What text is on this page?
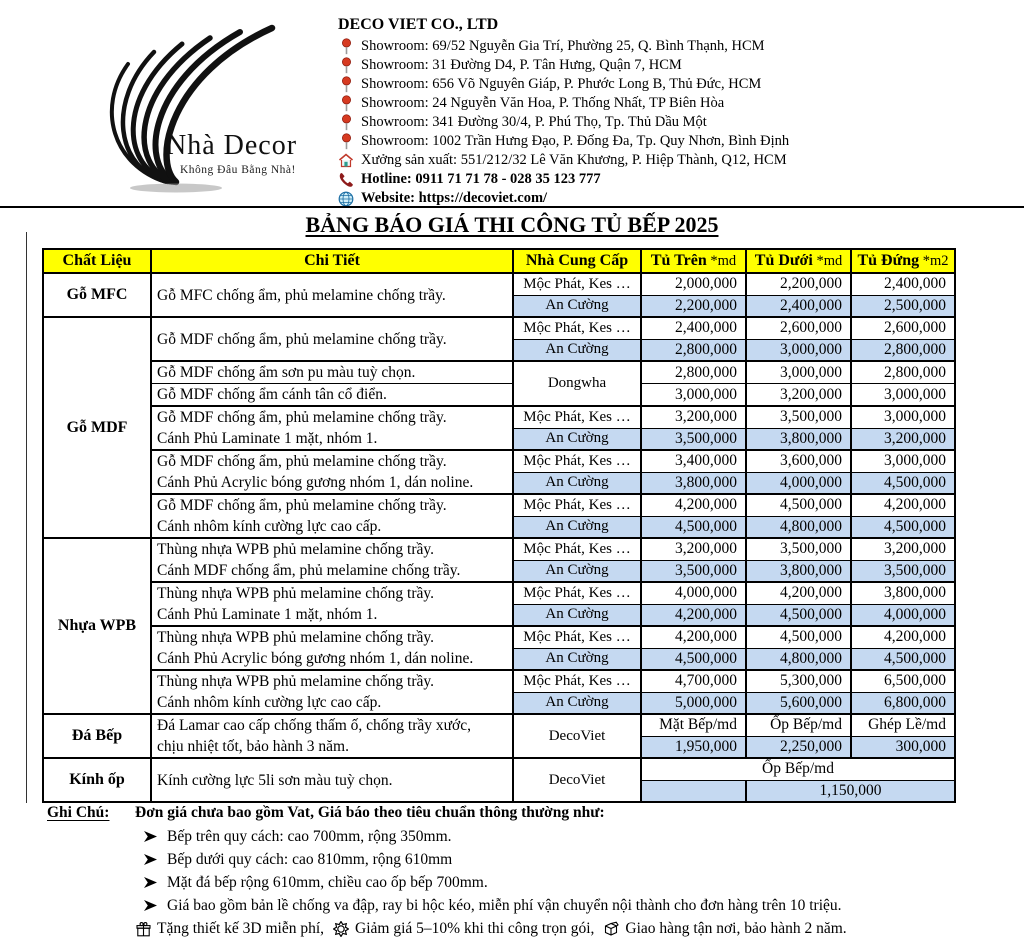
Nhà Decor
Không Đâu Bằng Nhà!
DECO VIET CO., LTD
Showroom: 69/52 Nguyễn Gia Trí, Phường 25, Q. Bình Thạnh, HCM
Showroom: 31 Đường D4, P. Tân Hưng, Quận 7, HCM
Showroom: 656 Võ Nguyên Giáp, P. Phước Long B, Thủ Đức, HCM
Showroom: 24 Nguyễn Văn Hoa, P. Thống Nhất, TP Biên Hòa
Showroom: 341 Đường 30/4, P. Phú Thọ, Tp. Thủ Dầu Một
Showroom: 1002 Trần Hưng Đạo, P. Đống Đa, Tp. Quy Nhơn, Bình Định
Xưởng sản xuất: 551/212/32 Lê Văn Khương, P. Hiệp Thành, Q12, HCM
Hotline: 0911 71 71 78 - 028 35 123 777
Website: https://decoviet.com/
BẢNG BÁO GIÁ THI CÔNG TỦ BẾP 2025
Chất Liệu	Chi Tiết	Nhà Cung Cấp	Tủ Trên *md	Tủ Dưới *md	Tủ Đứng *m2
Gỗ MFC	Gỗ MFC chống ẩm, phủ melamine chống trầy.	Mộc Phát, Kes …	2,000,000	2,200,000	2,400,000
		An Cường	2,200,000	2,400,000	2,500,000
Gỗ MDF	Gỗ MDF chống ẩm, phủ melamine chống trầy.	Mộc Phát, Kes …	2,400,000	2,600,000	2,600,000
		An Cường	2,800,000	3,000,000	2,800,000

	Gỗ MDF chống ẩm sơn pu màu tuỳ chọn.	Dongwha	2,800,000	3,000,000	2,800,000

	Gỗ MDF chống ẩm cánh tân cổ điển.		3,000,000	3,200,000	3,000,000

	Gỗ MDF chống ẩm, phủ melamine chống trầy.
Cánh Phủ Laminate 1 mặt, nhóm 1.	Mộc Phát, Kes …	3,200,000	3,500,000	3,000,000
		An Cường	3,500,000	3,800,000	3,200,000

	Gỗ MDF chống ẩm, phủ melamine chống trầy.
Cánh Phủ Acrylic bóng gương nhóm 1, dán noline.	Mộc Phát, Kes …	3,400,000	3,600,000	3,000,000
		An Cường	3,800,000	4,000,000	4,500,000

	Gỗ MDF chống ẩm, phủ melamine chống trầy.
Cánh nhôm kính cường lực cao cấp.	Mộc Phát, Kes …	4,200,000	4,500,000	4,200,000
		An Cường	4,500,000	4,800,000	4,500,000
Nhựa WPB	Thùng nhựa WPB phủ melamine chống trầy.
Cánh MDF chống ẩm, phủ melamine chống trầy.	Mộc Phát, Kes …	3,200,000	3,500,000	3,200,000
		An Cường	3,500,000	3,800,000	3,500,000

	Thùng nhựa WPB phủ melamine chống trầy.
Cánh Phủ Laminate 1 mặt, nhóm 1.	Mộc Phát, Kes …	4,000,000	4,200,000	3,800,000
		An Cường	4,200,000	4,500,000	4,000,000

	Thùng nhựa WPB phủ melamine chống trầy.
Cánh Phủ Acrylic bóng gương nhóm 1, dán noline.	Mộc Phát, Kes …	4,200,000	4,500,000	4,200,000
		An Cường	4,500,000	4,800,000	4,500,000

	Thùng nhựa WPB phủ melamine chống trầy.
Cánh nhôm kính cường lực cao cấp.	Mộc Phát, Kes …	4,700,000	5,300,000	6,500,000
		An Cường	5,000,000	5,600,000	6,800,000
Đá Bếp	Đá Lamar cao cấp chống thấm ố, chống trầy xước,
chịu nhiệt tốt, bảo hành 3 năm.	DecoViet	Mặt Bếp/md	Ốp Bếp/md	Ghép Lề/md
			1,950,000	2,250,000	300,000
Kính ốp	Kính cường lực 5li sơn màu tuỳ chọn.	DecoViet	Ốp Bếp/md		
				1,150,000	
Ghi Chú:	Đơn giá chưa bao gồm Vat, Giá báo theo tiêu chuẩn thông thường như:
Bếp trên quy cách: cao 700mm, rộng 350mm.
Bếp dưới quy cách: cao 810mm, rộng 610mm
Mặt đá bếp rộng 610mm, chiều cao ốp bếp 700mm.
Giá bao gồm bản lề chống va đập, ray bi hộc kéo, miễn phí vận chuyển nội thành cho đơn hàng trên 10 triệu.
Tặng thiết kế 3D miễn phí, Giảm giá 5–10% khi thi công trọn gói, Giao hàng tận nơi, bảo hành 2 năm.
